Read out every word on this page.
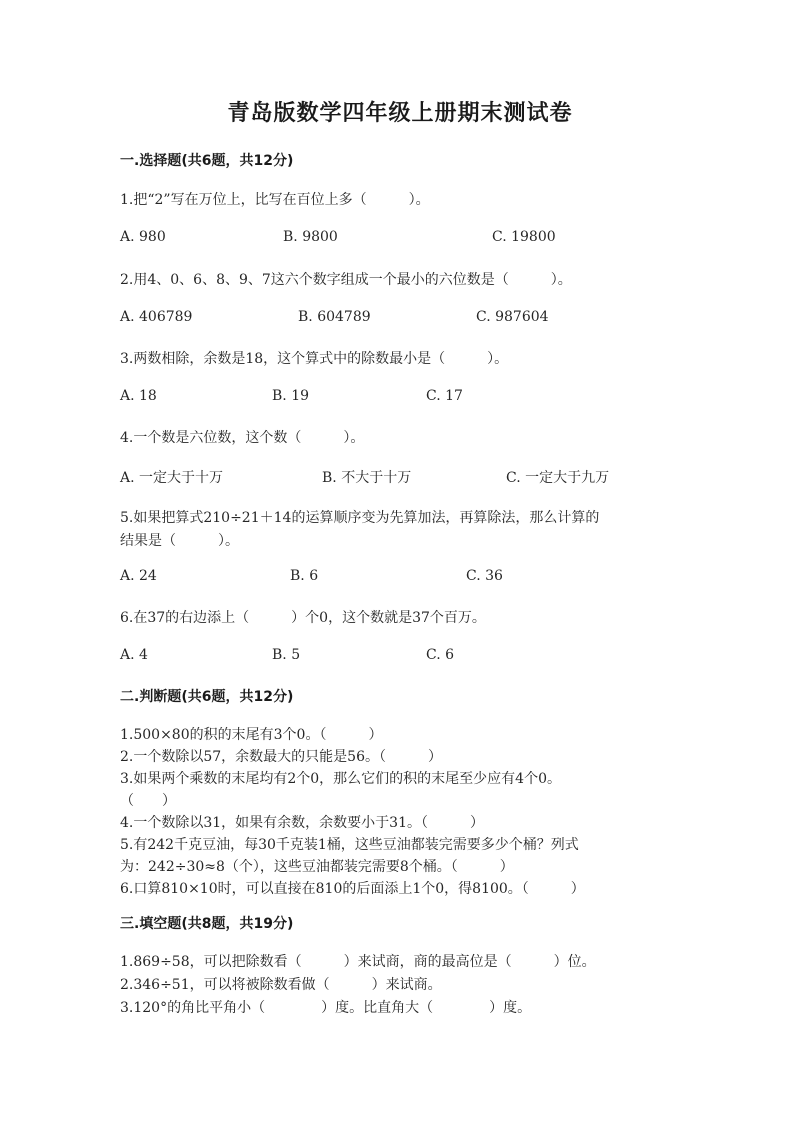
青岛版数学四年级上册期末测试卷
一.选择题(共6题，共12分)
1.把“2”写在万位上，比写在百位上多（　　　）。
A. 980	B. 9800	C. 19800
2.用4、0、6、8、9、7这六个数字组成一个最小的六位数是（　　　）。
A. 406789	B. 604789	C. 987604
3.两数相除，余数是18，这个算式中的除数最小是（　　　）。
A. 18	B. 19	C. 17
4.一个数是六位数，这个数（　　　）。
A. 一定大于十万	B. 不大于十万	C. 一定大于九万
5.如果把算式210÷21＋14的运算顺序变为先算加法，再算除法，那么计算的
结果是（　　　）。
A. 24	B. 6	C. 36
6.在37的右边添上（　　　）个0，这个数就是37个百万。
A. 4	B. 5	C. 6
二.判断题(共6题，共12分)
1.500×80的积的末尾有3个0。（　　　）
2.一个数除以57，余数最大的只能是56。（　　　）
3.如果两个乘数的末尾均有2个0，那么它们的积的末尾至少应有4个0。
（　　）
4.一个数除以31，如果有余数，余数要小于31。（　　　）
5.有242千克豆油，每30千克装1桶，这些豆油都装完需要多少个桶？列式
为：242÷30≈8（个），这些豆油都装完需要8个桶。（　　　）
6.口算810×10时，可以直接在810的后面添上1个0，得8100。（　　　）
三.填空题(共8题，共19分)
1.869÷58，可以把除数看（　　　）来试商，商的最高位是（　　　）位。
2.346÷51，可以将被除数看做（　　　）来试商。
3.120°的角比平角小（　　　　）度。比直角大（　　　　）度。
